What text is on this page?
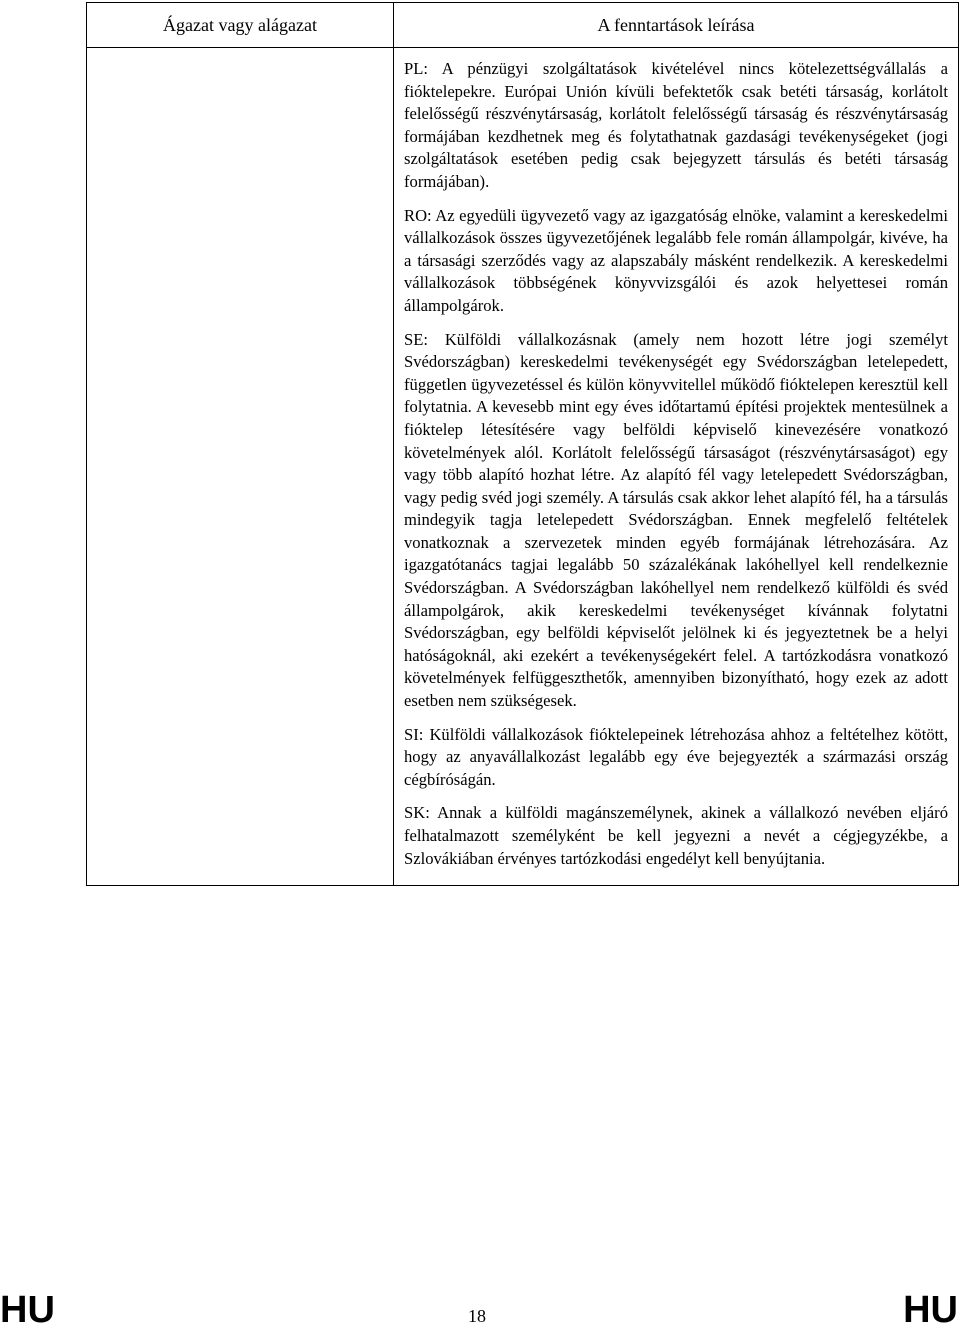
Ágazat vagy alágazat	A fenntartások leírása

	PL: A pénzügyi szolgáltatások kivételével nincs kötelezettségvállalás a fióktelepekre. Európai Unión kívüli befektetők csak betéti társaság, korlátolt felelősségű részvénytársaság, korlátolt felelősségű társaság és részvénytársaság formájában kezdhetnek meg és folytathatnak gazdasági tevékenységeket (jogi szolgáltatások esetében pedig csak bejegyzett társulás és betéti társaság formájában).

RO: Az egyedüli ügyvezető vagy az igazgatóság elnöke, valamint a kereskedelmi vállalkozások összes ügyvezetőjének legalább fele román állampolgár, kivéve, ha a társasági szerződés vagy az alapszabály másként rendelkezik. A kereskedelmi vállalkozások többségének könyvvizsgálói és azok helyettesei román állampolgárok.

SE: Külföldi vállalkozásnak (amely nem hozott létre jogi személyt Svédországban) kereskedelmi tevékenységét egy Svédországban letelepedett, független ügyvezetéssel és külön könyvvitellel működő fióktelepen keresztül kell folytatnia. A kevesebb mint egy éves időtartamú építési projektek mentesülnek a fióktelep létesítésére vagy belföldi képviselő kinevezésére vonatkozó követelmények alól. Korlátolt felelősségű társaságot (részvénytársaságot) egy vagy több alapító hozhat létre. Az alapító fél vagy letelepedett Svédországban, vagy pedig svéd jogi személy. A társulás csak akkor lehet alapító fél, ha a társulás mindegyik tagja letelepedett Svédországban. Ennek megfelelő feltételek vonatkoznak a szervezetek minden egyéb formájának létrehozására. Az igazgatótanács tagjai legalább 50 százalékának lakóhellyel kell rendelkeznie Svédországban. A Svédországban lakóhellyel nem rendelkező külföldi és svéd állampolgárok, akik kereskedelmi tevékenységet kívánnak folytatni Svédországban, egy belföldi képviselőt jelölnek ki és jegyeztetnek be a helyi hatóságoknál, aki ezekért a tevékenységekért felel. A tartózkodásra vonatkozó követelmények felfüggeszthetők, amennyiben bizonyítható, hogy ezek az adott esetben nem szükségesek.

SI: Külföldi vállalkozások fióktelepeinek létrehozása ahhoz a feltételhez kötött, hogy az anyavállalkozást legalább egy éve bejegyezték a származási ország cégbíróságán.

SK: Annak a külföldi magánszemélynek, akinek a vállalkozó nevében eljáró felhatalmazott személyként be kell jegyezni a nevét a cégjegyzékbe, a Szlovákiában érvényes tartózkodási engedélyt kell benyújtania.

HU	18	HU
